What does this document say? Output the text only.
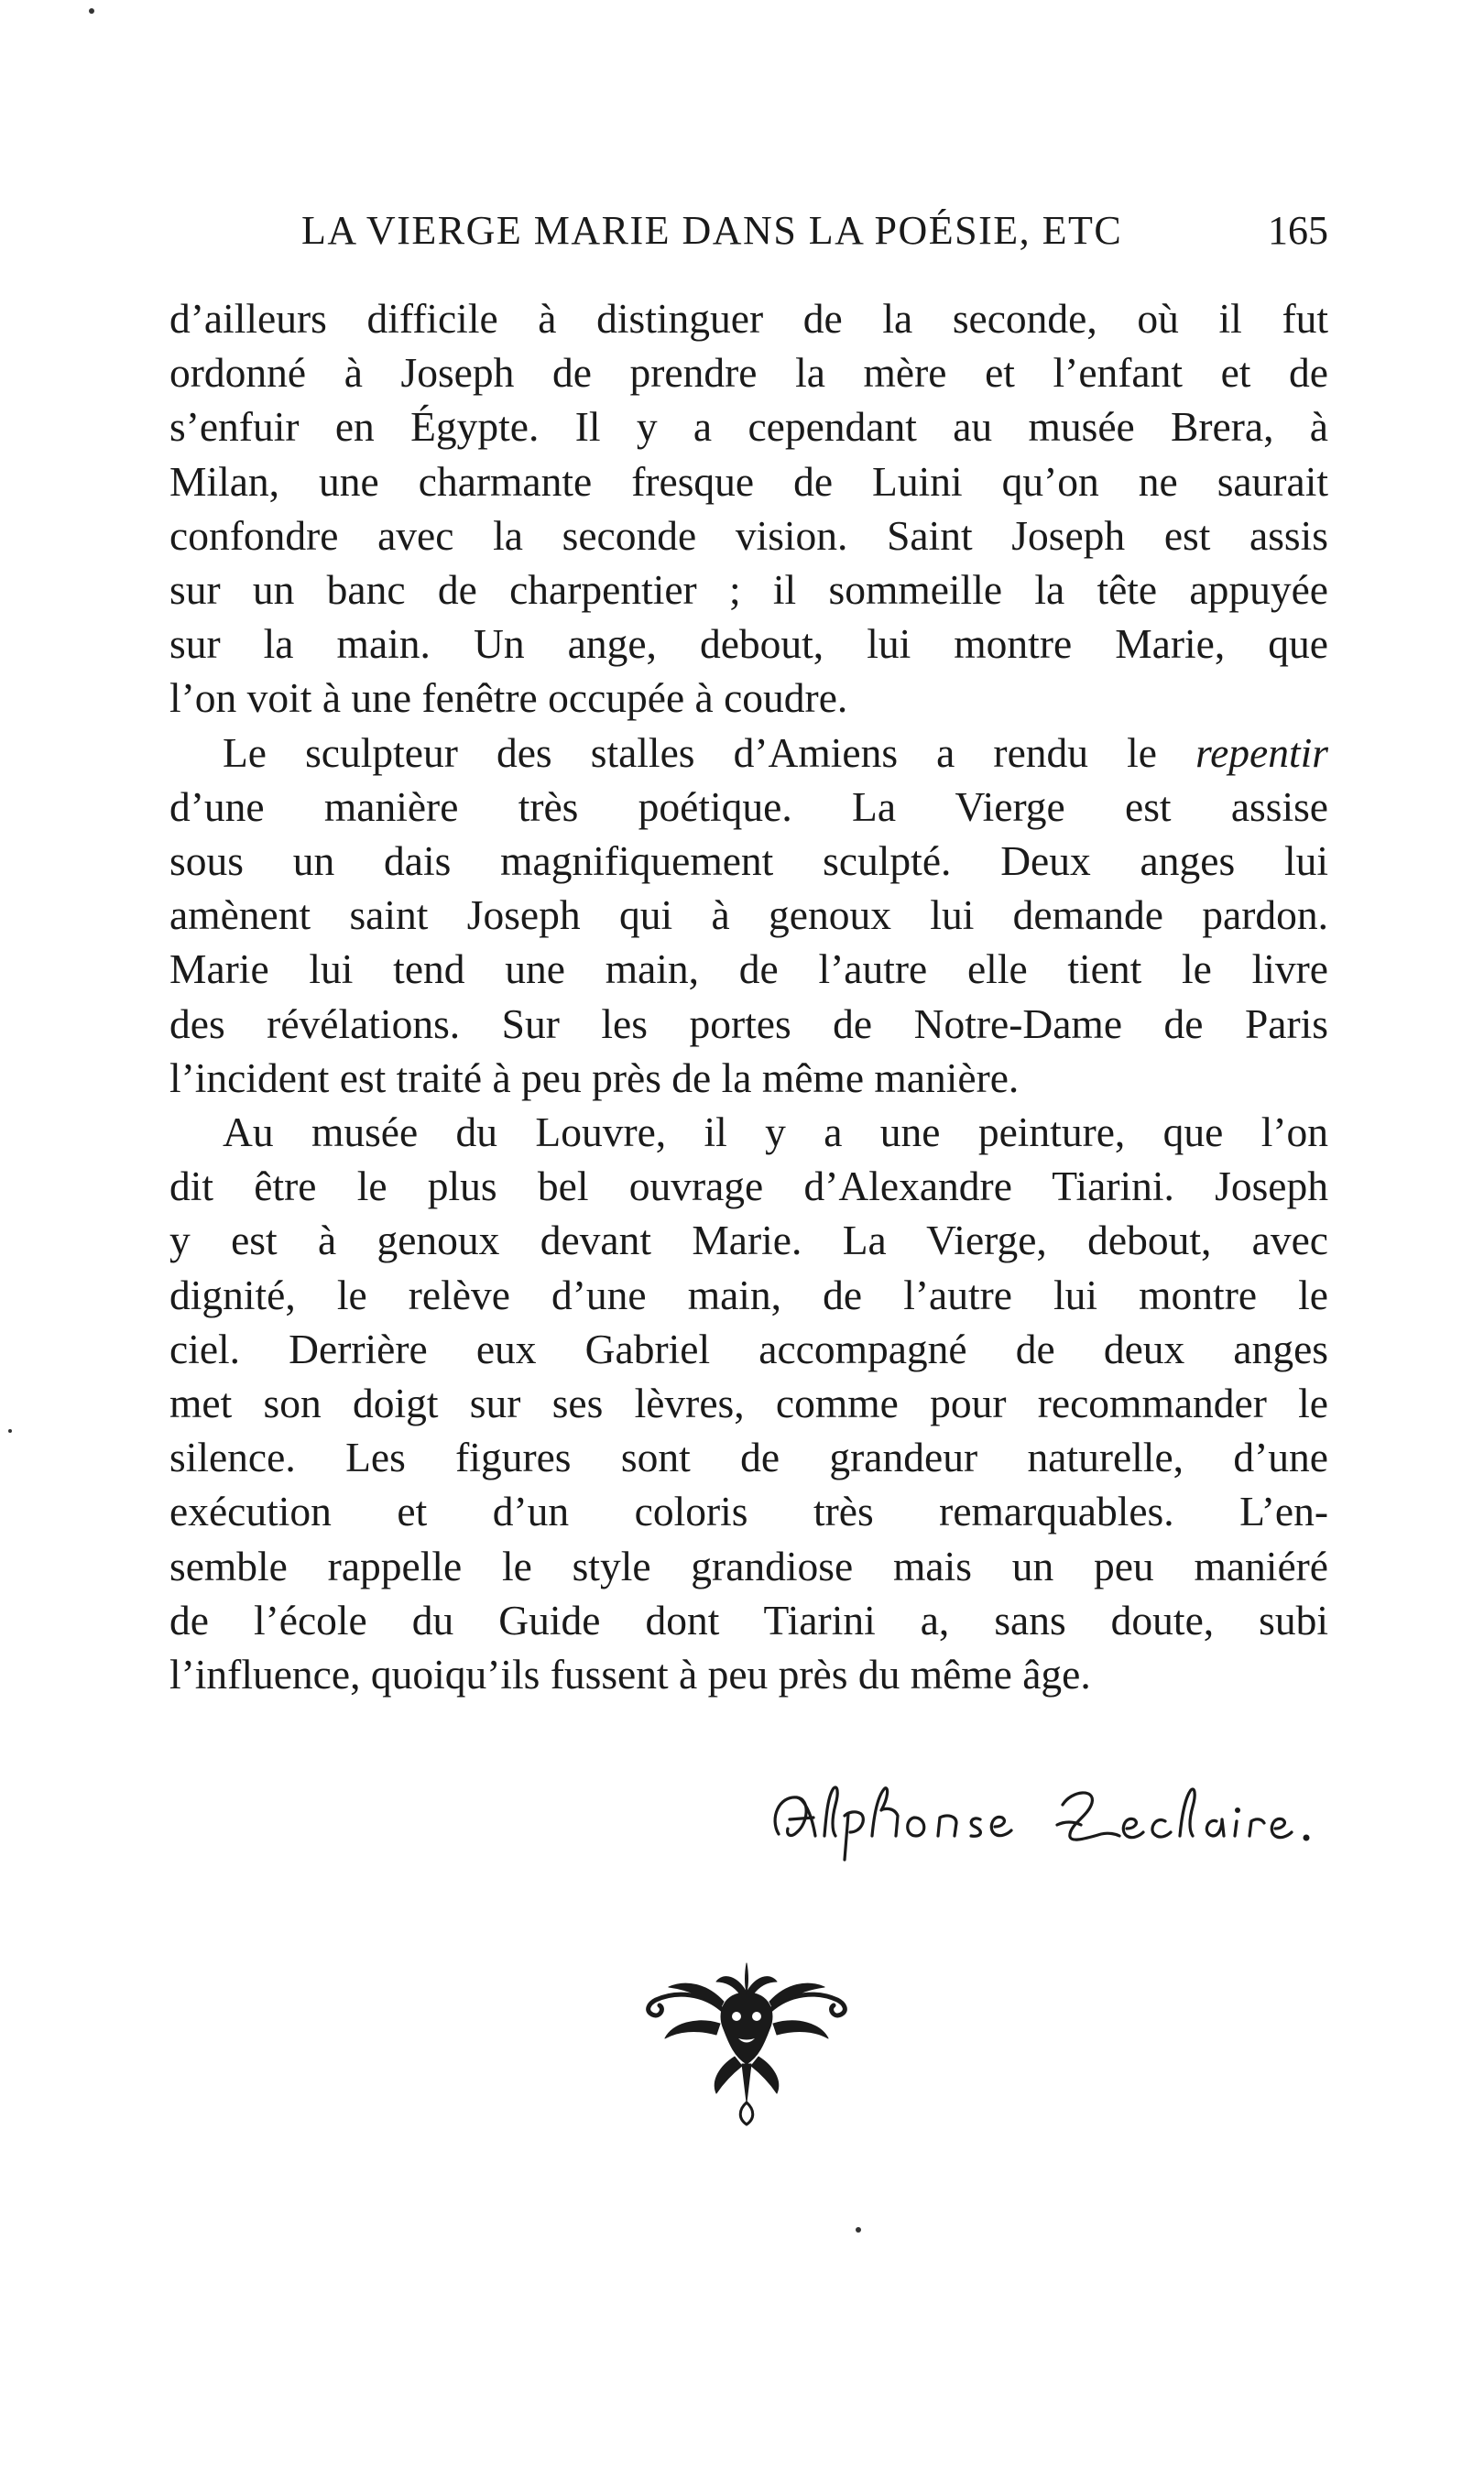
LA VIERGE MARIE DANS LA POÉSIE, ETC	165

d’ailleurs difficile à distinguer de la seconde, où il fut
ordonné à Joseph de prendre la mère et l’enfant et de
s’enfuir en Égypte. Il y a cependant au musée Brera, à
Milan, une charmante fresque de Luini qu’on ne saurait
confondre avec la seconde vision. Saint Joseph est assis
sur un banc de charpentier ; il sommeille la tête appuyée
sur la main. Un ange, debout, lui montre Marie, que
l’on voit à une fenêtre occupée à coudre.

Le sculpteur des stalles d’Amiens a rendu le repentir
d’une manière très poétique. La Vierge est assise
sous un dais magnifiquement sculpté. Deux anges lui
amènent saint Joseph qui à genoux lui demande pardon.
Marie lui tend une main, de l’autre elle tient le livre
des révélations. Sur les portes de Notre-Dame de Paris
l’incident est traité à peu près de la même manière.

Au musée du Louvre, il y a une peinture, que l’on
dit être le plus bel ouvrage d’Alexandre Tiarini. Joseph
y est à genoux devant Marie. La Vierge, debout, avec
dignité, le relève d’une main, de l’autre lui montre le
ciel. Derrière eux Gabriel accompagné de deux anges
met son doigt sur ses lèvres, comme pour recommander le
silence. Les figures sont de grandeur naturelle, d’une
exécution et d’un coloris très remarquables. L’en-
semble rappelle le style grandiose mais un peu maniéré
de l’école du Guide dont Tiarini a, sans doute, subi
l’influence, quoiqu’ils fussent à peu près du même âge.
